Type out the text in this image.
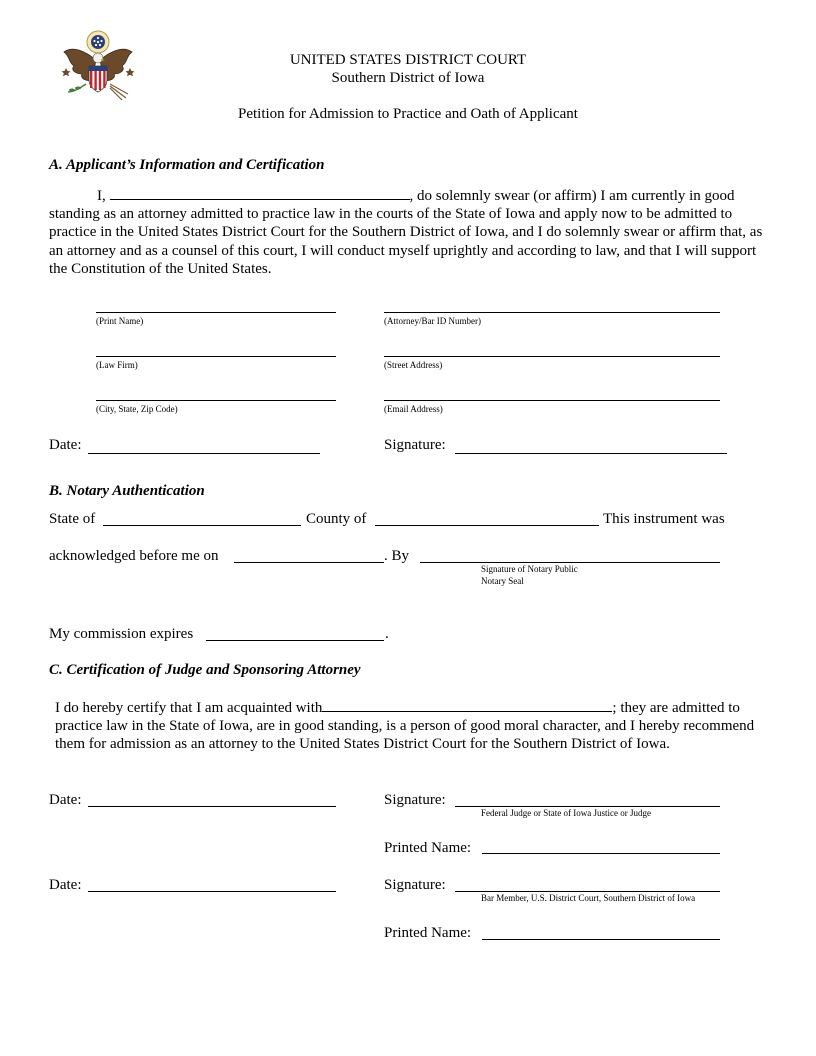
UNITED STATES DISTRICT COURT
Southern District of Iowa
Petition for Admission to Practice and Oath of Applicant
A. Applicant’s Information and Certification
I,	, do solemnly swear (or affirm) I am currently in good standing as an attorney admitted to practice law in the courts of the State of Iowa and apply now to be admitted to practice in the United States District Court for the Southern District of Iowa, and I do solemnly swear or affirm that, as an attorney and as a counsel of this court, I will conduct myself uprightly and according to law, and that I will support the Constitution of the United States.
(Print Name)	(Attorney/Bar ID Number)
(Law Firm)	(Street Address)
(City, State, Zip Code)	(Email Address)
Date:	Signature:
B. Notary Authentication
State of	County of	This instrument was
acknowledged before me on	. By
Signature of Notary Public
Notary Seal
My commission expires	.
C. Certification of Judge and Sponsoring Attorney
I do hereby certify that I am acquainted with	; they are admitted to practice law in the State of Iowa, are in good standing, is a person of good moral character, and I hereby recommend them for admission as an attorney to the United States District Court for the Southern District of Iowa.
Date:	Signature:
Federal Judge or State of Iowa Justice or Judge
Printed Name:
Date:	Signature:
Bar Member, U.S. District Court, Southern District of Iowa
Printed Name:
